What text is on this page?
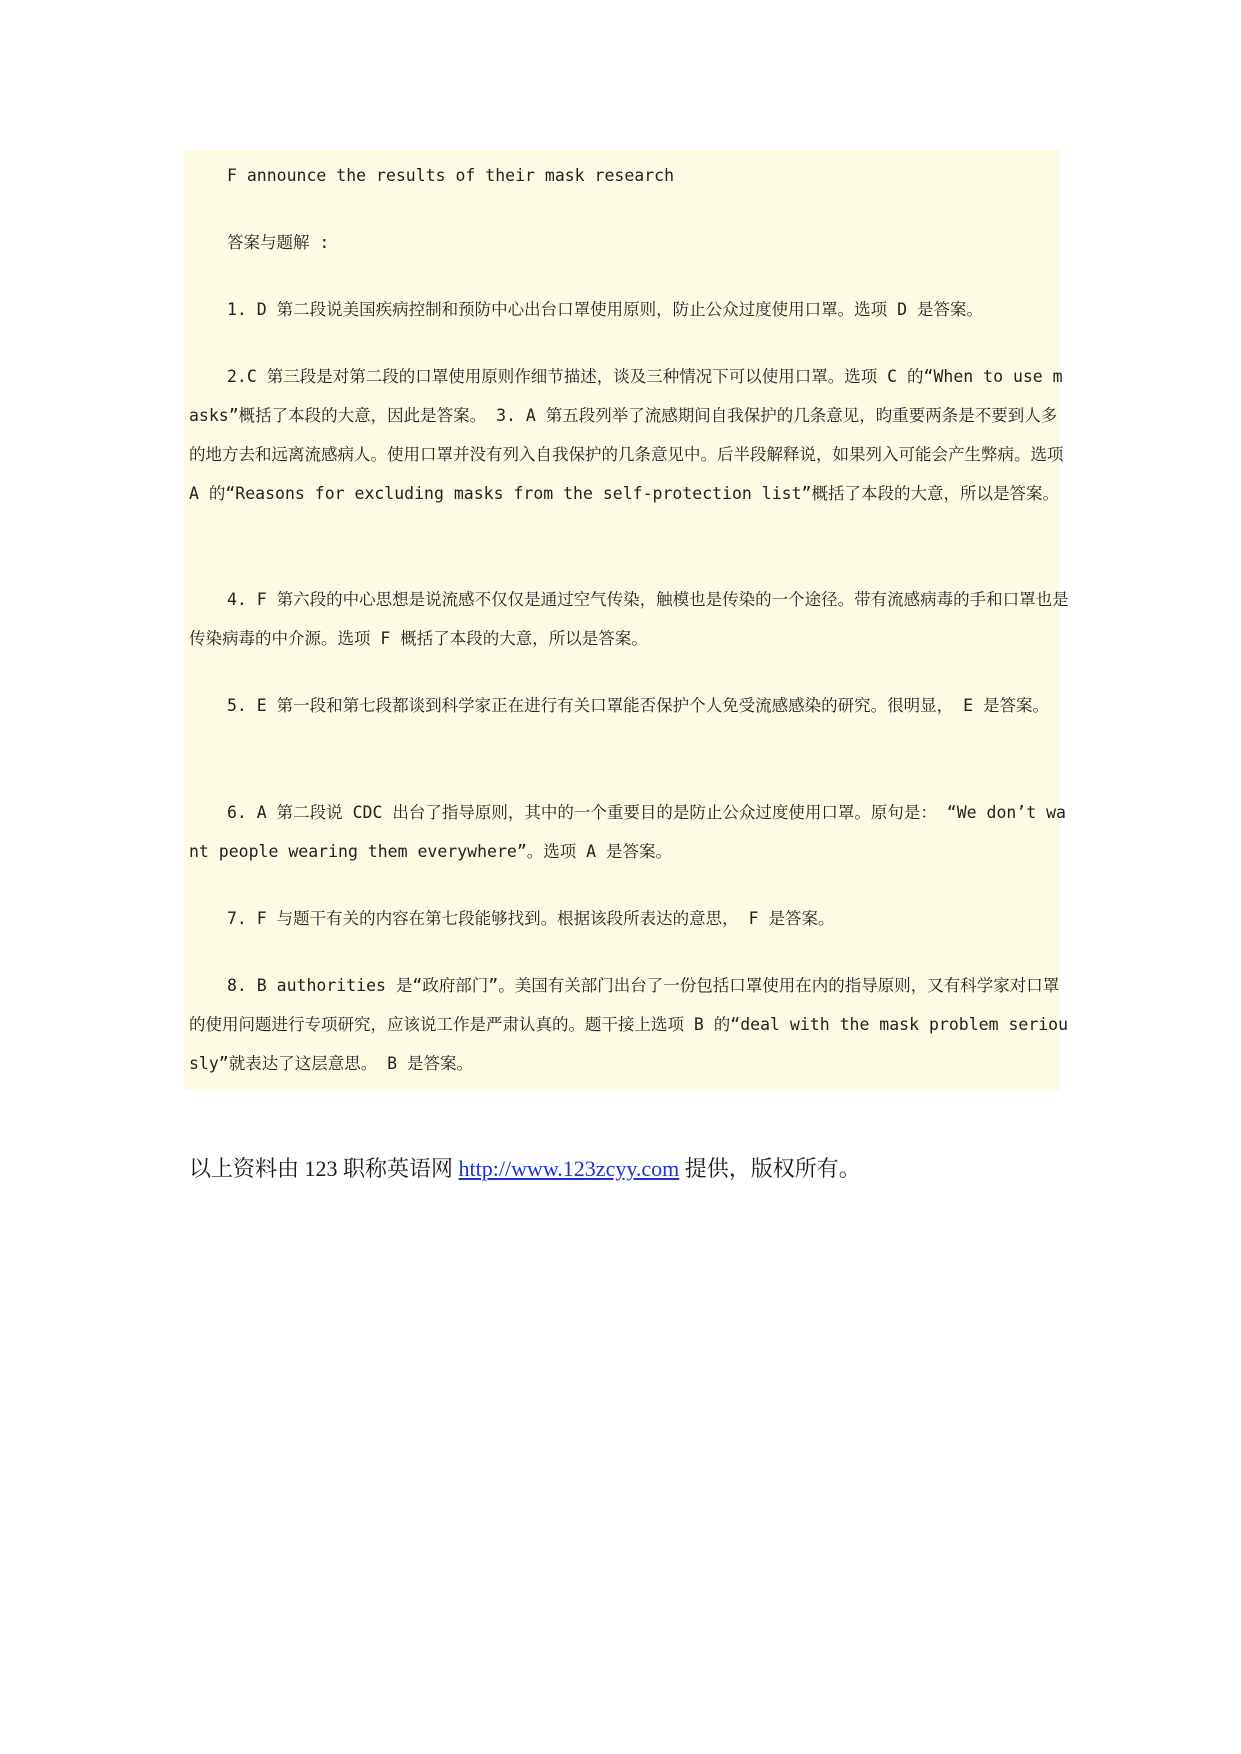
F announce the results of their mask research
答案与题解 :
1. D 第二段说美国疾病控制和预防中心出台口罩使用原则，防止公众过度使用口罩。选项 D 是答案。
2.C 第三段是对第二段的口罩使用原则作细节描述，谈及三种情况下可以使用口罩。选项 C 的“When to use masks”概括了本段的大意，因此是答案。 3. A 第五段列举了流感期间自我保护的几条意见，昀重要两条是不要到人多的地方去和远离流感病人。使用口罩并没有列入自我保护的几条意见中。后半段解释说，如果列入可能会产生弊病。选项 A 的“Reasons for excluding masks from the self-protection list”概括了本段的大意，所以是答案。
4. F 第六段的中心思想是说流感不仅仅是通过空气传染，触模也是传染的一个途径。带有流感病毒的手和口罩也是传染病毒的中介源。选项 F 概括了本段的大意，所以是答案。
5. E 第一段和第七段都谈到科学家正在进行有关口罩能否保护个人免受流感感染的研究。很明显， E 是答案。
6. A 第二段说 CDC 出台了指导原则，其中的一个重要目的是防止公众过度使用口罩。原句是： “We don’t want people wearing them everywhere”。选项 A 是答案。
7. F 与题干有关的内容在第七段能够找到。根据该段所表达的意思， F 是答案。
8. B authorities 是“政府部门”。美国有关部门出台了一份包括口罩使用在内的指导原则，又有科学家对口罩的使用问题进行专项研究，应该说工作是严肃认真的。题干接上选项 B 的“deal with the mask problem seriously”就表达了这层意思。 B 是答案。
以上资料由 123 职称英语网 http://www.123zcyy.com 提供，版权所有。
